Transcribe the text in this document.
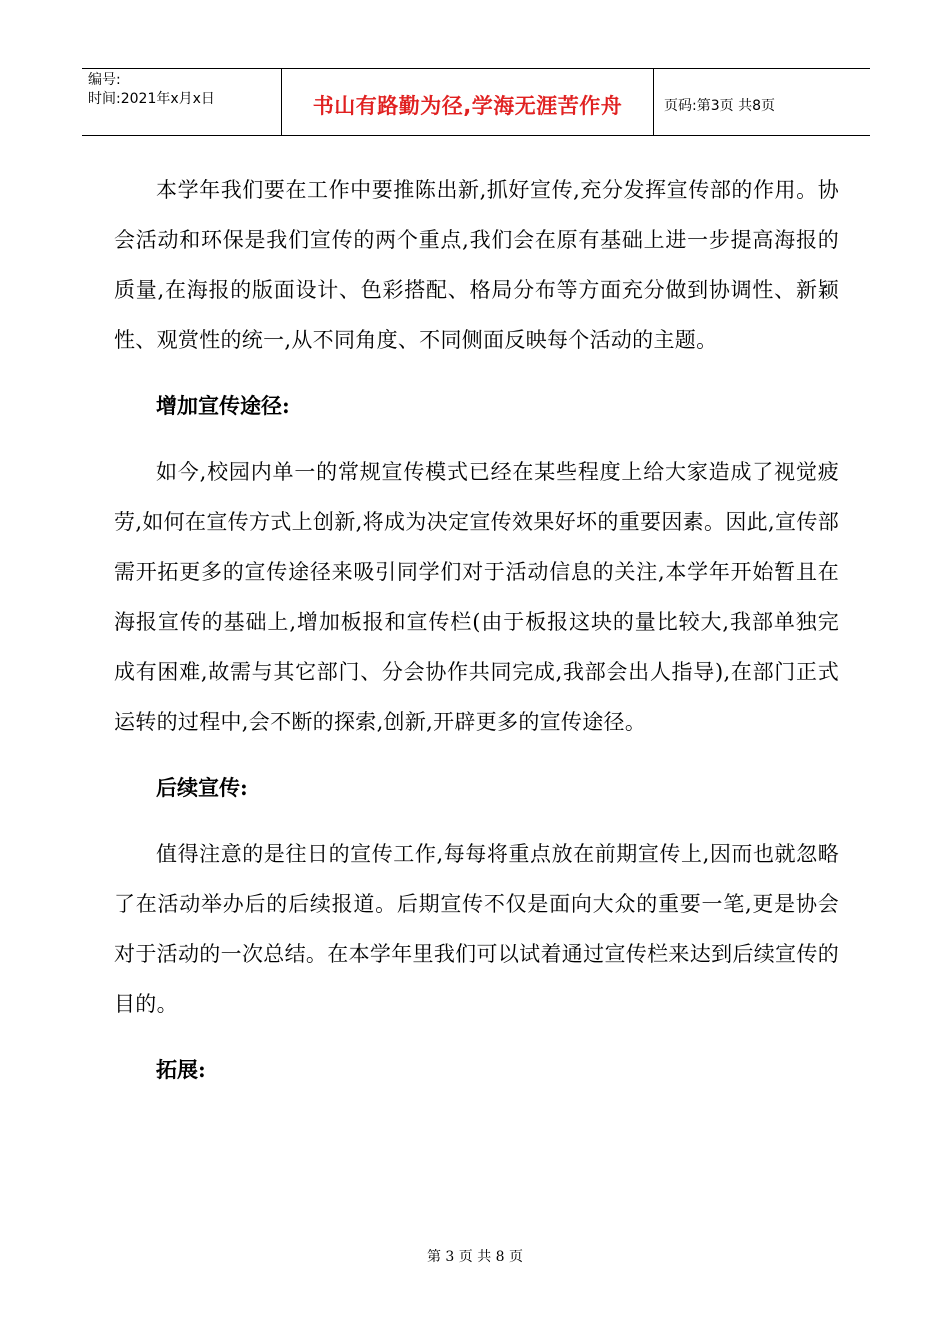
编号:
时间:2021年x月x日	书山有路勤为径,学海无涯苦作舟	页码:第3页 共8页

本学年我们要在工作中要推陈出新,抓好宣传,充分发挥宣传部的作用。协会活动和环保是我们宣传的两个重点,我们会在原有基础上进一步提高海报的质量,在海报的版面设计、色彩搭配、格局分布等方面充分做到协调性、新颖性、观赏性的统一,从不同角度、不同侧面反映每个活动的主题。

增加宣传途径:

如今,校园内单一的常规宣传模式已经在某些程度上给大家造成了视觉疲劳,如何在宣传方式上创新,将成为决定宣传效果好坏的重要因素。因此,宣传部需开拓更多的宣传途径来吸引同学们对于活动信息的关注,本学年开始暂且在海报宣传的基础上,增加板报和宣传栏(由于板报这块的量比较大,我部单独完成有困难,故需与其它部门、分会协作共同完成,我部会出人指导),在部门正式运转的过程中,会不断的探索,创新,开辟更多的宣传途径。

后续宣传:

值得注意的是往日的宣传工作,每每将重点放在前期宣传上,因而也就忽略了在活动举办后的后续报道。后期宣传不仅是面向大众的重要一笔,更是协会对于活动的一次总结。在本学年里我们可以试着通过宣传栏来达到后续宣传的目的。

拓展:

第 3 页 共 8 页
